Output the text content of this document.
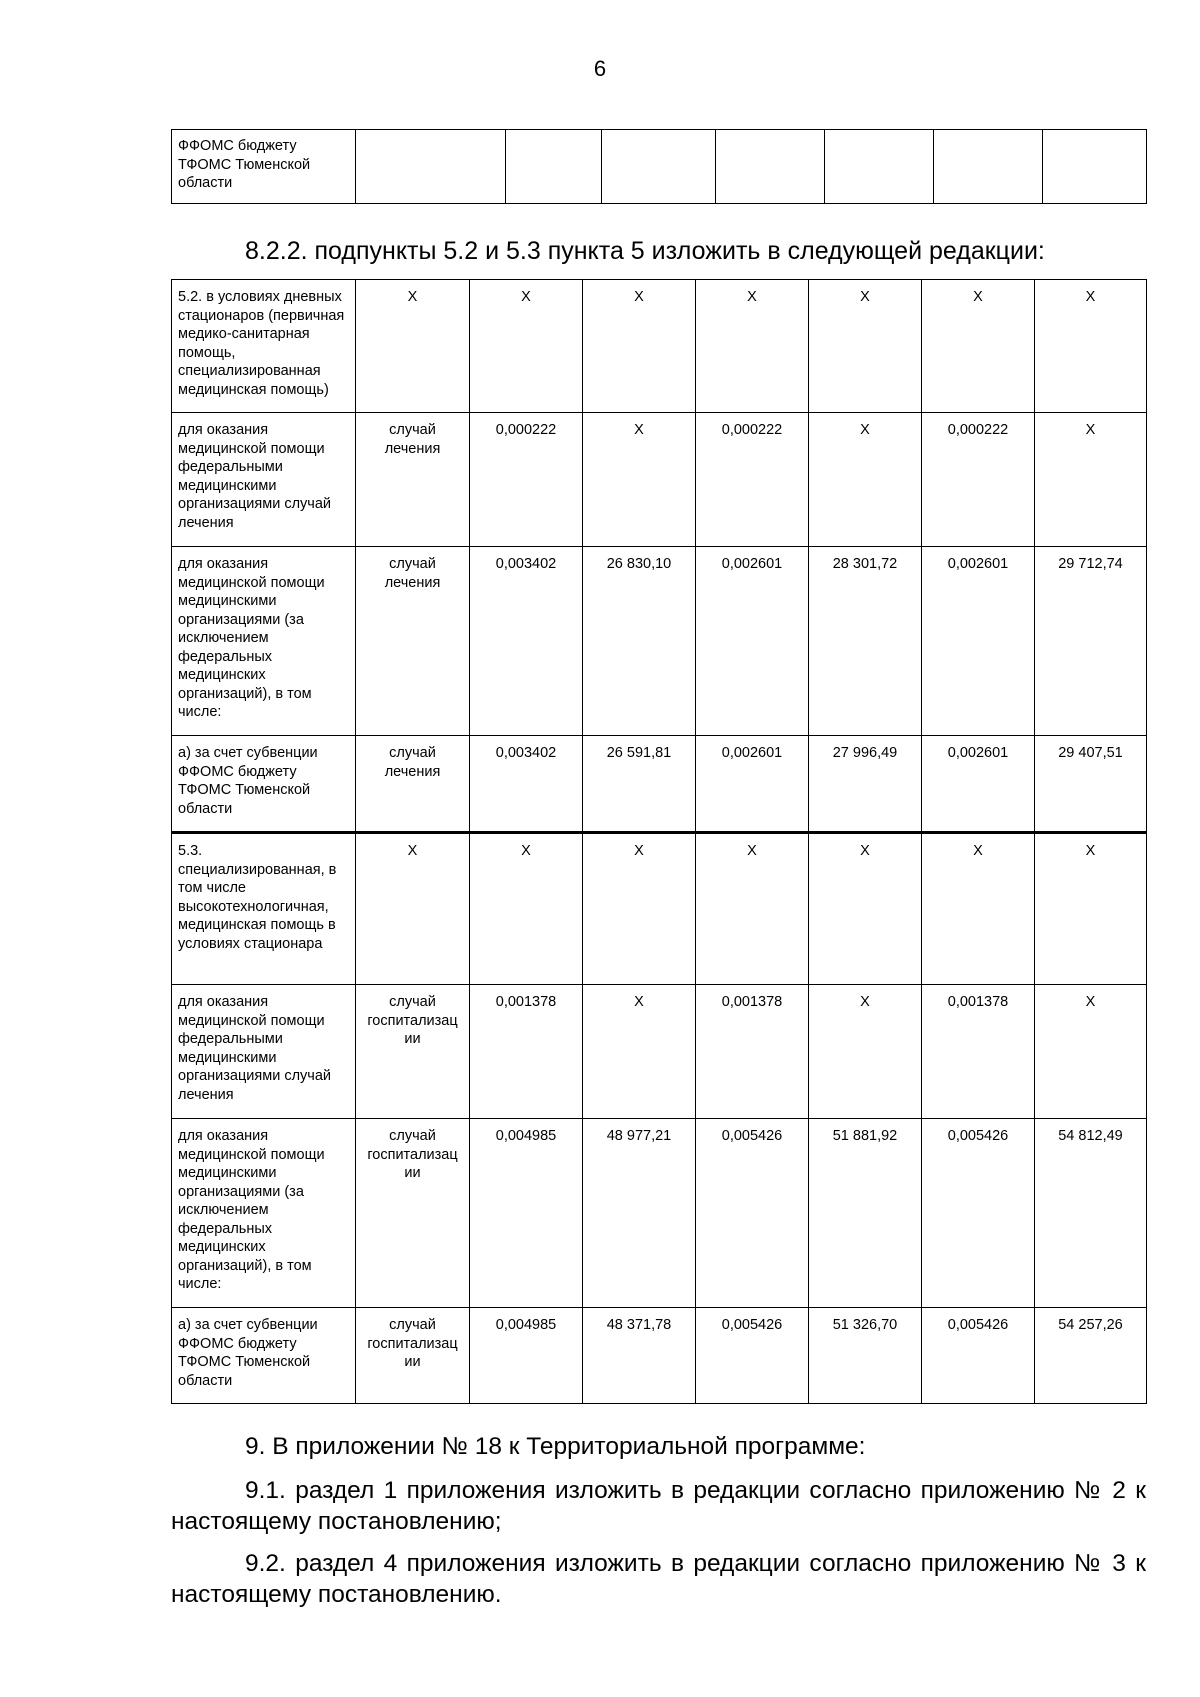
6
ФФОМС бюджету ТФОМС Тюменской области							
8.2.2. подпункты 5.2 и 5.3 пункта 5 изложить в следующей редакции:
5.2. в условиях дневных стационаров (первичная медико-санитарная помощь, специализированная медицинская помощь)	X	X	X	X	X	X	X
для оказания медицинской помощи федеральными медицинскими организациями случай лечения	случай лечения	0,000222	X	0,000222	X	0,000222	X
для оказания медицинской помощи медицинскими организациями (за исключением федеральных медицинских организаций), в том числе:	случай лечения	0,003402	26 830,10	0,002601	28 301,72	0,002601	29 712,74
а) за счет субвенции ФФОМС бюджету ТФОМС Тюменской области	случай лечения	0,003402	26 591,81	0,002601	27 996,49	0,002601	29 407,51
5.3. специализированная, в том числе высокотехнологичная, медицинская помощь в условиях стационара	X	X	X	X	X	X	X
для оказания медицинской помощи федеральными медицинскими организациями случай лечения	случай госпитализац ии	0,001378	X	0,001378	X	0,001378	X
для оказания медицинской помощи медицинскими организациями (за исключением федеральных медицинских организаций), в том числе:	случай госпитализац ии	0,004985	48 977,21	0,005426	51 881,92	0,005426	54 812,49
а) за счет субвенции ФФОМС бюджету ТФОМС Тюменской области	случай госпитализац ии	0,004985	48 371,78	0,005426	51 326,70	0,005426	54 257,26
9. В приложении № 18 к Территориальной программе:
9.1. раздел 1 приложения изложить в редакции согласно приложению № 2 к настоящему постановлению;
9.2. раздел 4 приложения изложить в редакции согласно приложению № 3 к настоящему постановлению.
